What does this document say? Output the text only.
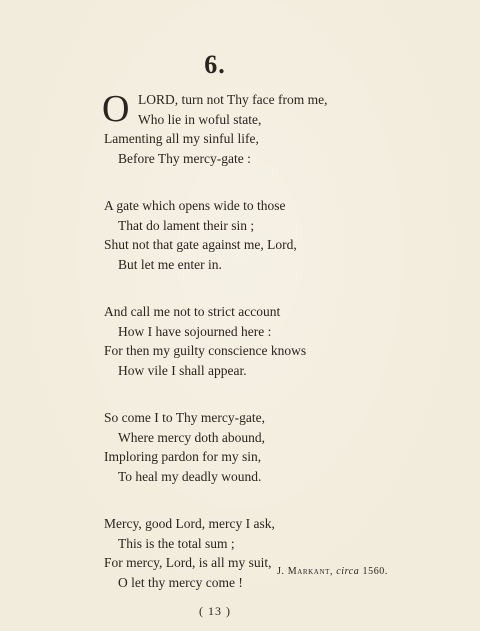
6.
O LORD, turn not Thy face from me,
Who lie in woful state,
Lamenting all my sinful life,
Before Thy mercy-gate :
A gate which opens wide to those
That do lament their sin ;
Shut not that gate against me, Lord,
But let me enter in.
And call me not to strict account
How I have sojourned here :
For then my guilty conscience knows
How vile I shall appear.
So come I to Thy mercy-gate,
Where mercy doth abound,
Imploring pardon for my sin,
To heal my deadly wound.
Mercy, good Lord, mercy I ask,
This is the total sum ;
For mercy, Lord, is all my suit,
O let thy mercy come !
J. Markant, circa 1560.
( 13 )
